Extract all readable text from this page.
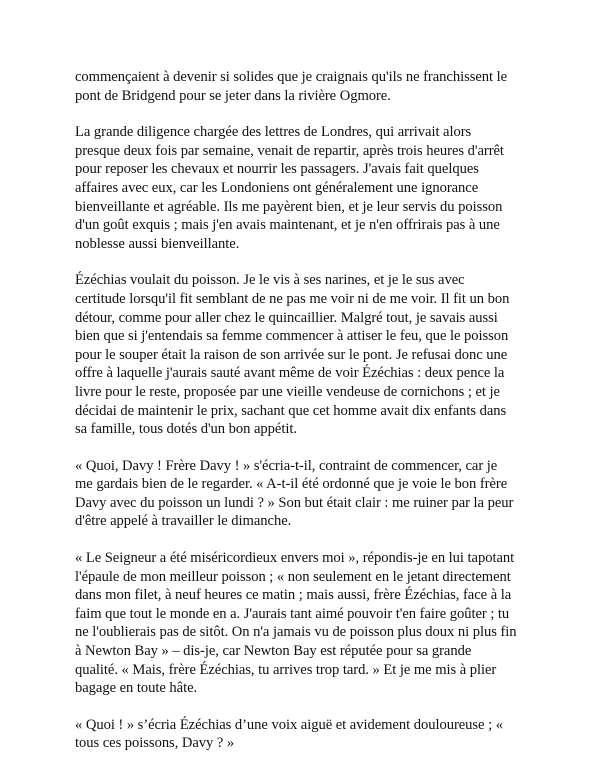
commençaient à devenir si solides que je craignais qu'ils ne franchissent le
pont de Bridgend pour se jeter dans la rivière Ogmore.

La grande diligence chargée des lettres de Londres, qui arrivait alors
presque deux fois par semaine, venait de repartir, après trois heures d'arrêt
pour reposer les chevaux et nourrir les passagers. J'avais fait quelques
affaires avec eux, car les Londoniens ont généralement une ignorance
bienveillante et agréable. Ils me payèrent bien, et je leur servis du poisson
d'un goût exquis ; mais j'en avais maintenant, et je n'en offrirais pas à une
noblesse aussi bienveillante.

Ézéchias voulait du poisson. Je le vis à ses narines, et je le sus avec
certitude lorsqu'il fit semblant de ne pas me voir ni de me voir. Il fit un bon
détour, comme pour aller chez le quincaillier. Malgré tout, je savais aussi
bien que si j'entendais sa femme commencer à attiser le feu, que le poisson
pour le souper était la raison de son arrivée sur le pont. Je refusai donc une
offre à laquelle j'aurais sauté avant même de voir Ézéchias : deux pence la
livre pour le reste, proposée par une vieille vendeuse de cornichons ; et je
décidai de maintenir le prix, sachant que cet homme avait dix enfants dans
sa famille, tous dotés d'un bon appétit.

« Quoi, Davy ! Frère Davy ! » s'écria-t-il, contraint de commencer, car je
me gardais bien de le regarder. « A-t-il été ordonné que je voie le bon frère
Davy avec du poisson un lundi ? » Son but était clair : me ruiner par la peur
d'être appelé à travailler le dimanche.

« Le Seigneur a été miséricordieux envers moi », répondis-je en lui tapotant
l'épaule de mon meilleur poisson ; « non seulement en le jetant directement
dans mon filet, à neuf heures ce matin ; mais aussi, frère Ézéchias, face à la
faim que tout le monde en a. J'aurais tant aimé pouvoir t'en faire goûter ; tu
ne l'oublierais pas de sitôt. On n'a jamais vu de poisson plus doux ni plus fin
à Newton Bay » – dis-je, car Newton Bay est réputée pour sa grande
qualité. « Mais, frère Ézéchias, tu arrives trop tard. » Et je me mis à plier
bagage en toute hâte.

« Quoi ! » s’écria Ézéchias d’une voix aiguë et avidement douloureuse ; «
tous ces poissons, Davy ? »
